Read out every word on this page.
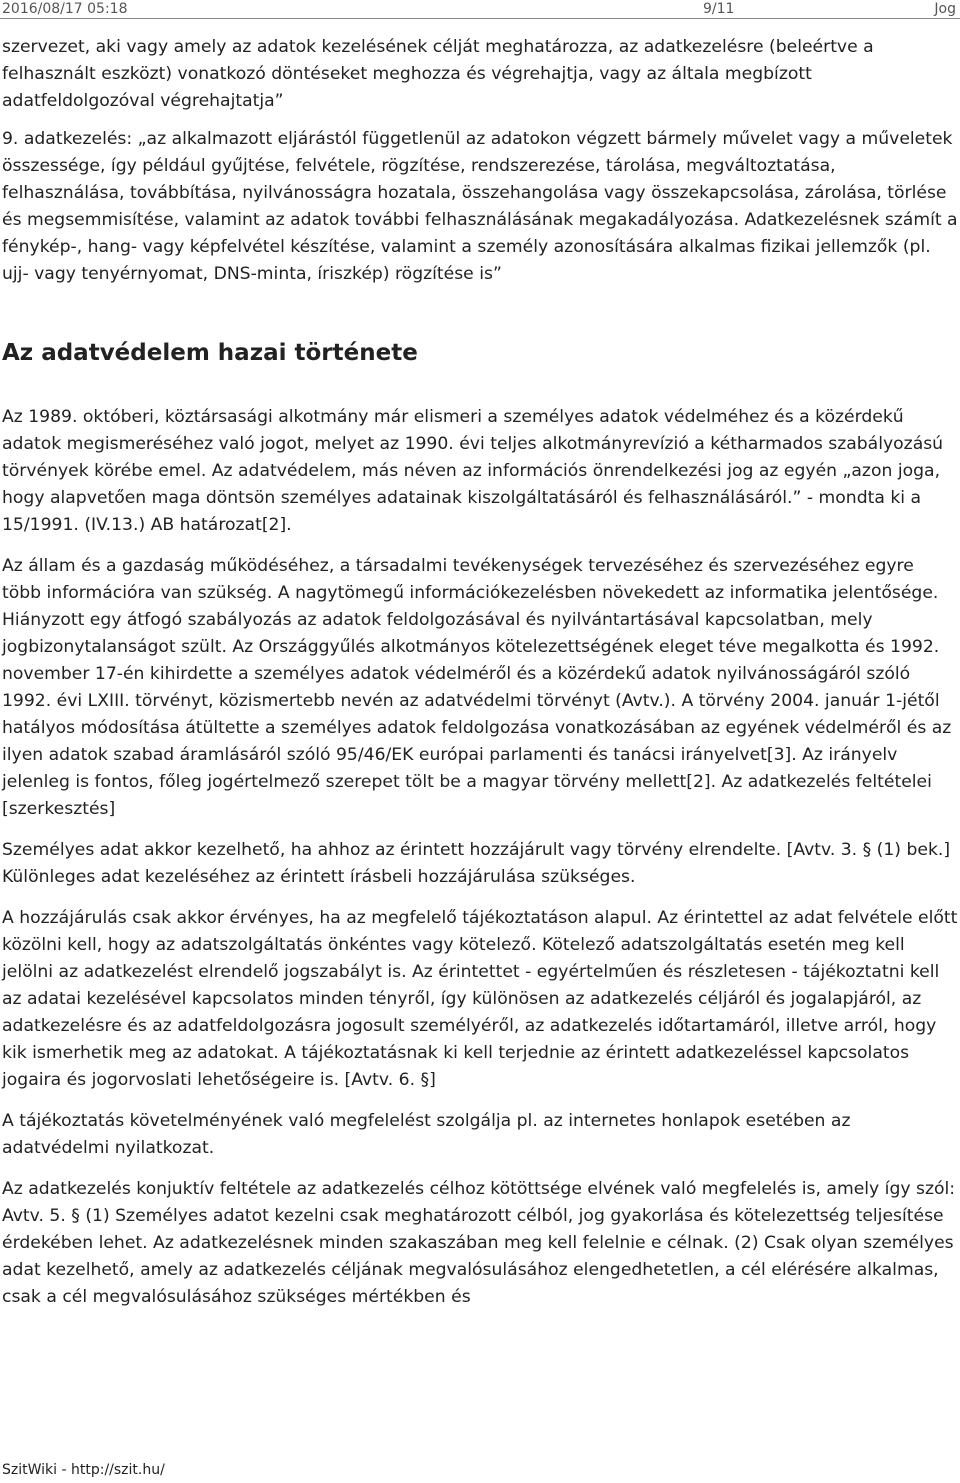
2016/08/17 05:18	9/11	Jog

szervezet, aki vagy amely az adatok kezelésének célját meghatározza, az adatkezelésre (beleértve a felhasznált eszközt) vonatkozó döntéseket meghozza és végrehajtja, vagy az általa megbízott adatfeldolgozóval végrehajtatja”

9. adatkezelés: „az alkalmazott eljárástól függetlenül az adatokon végzett bármely művelet vagy a műveletek összessége, így például gyűjtése, felvétele, rögzítése, rendszerezése, tárolása, megváltoztatása, felhasználása, továbbítása, nyilvánosságra hozatala, összehangolása vagy összekapcsolása, zárolása, törlése és megsemmisítése, valamint az adatok további felhasználásának megakadályozása. Adatkezelésnek számít a fénykép-, hang- vagy képfelvétel készítése, valamint a személy azonosítására alkalmas fizikai jellemzők (pl. ujj- vagy tenyérnyomat, DNS-minta, íriszkép) rögzítése is”

Az adatvédelem hazai története

Az 1989. októberi, köztársasági alkotmány már elismeri a személyes adatok védelméhez és a közérdekű adatok megismeréséhez való jogot, melyet az 1990. évi teljes alkotmányrevízió a kétharmados szabályozású törvények körébe emel. Az adatvédelem, más néven az információs önrendelkezési jog az egyén „azon joga, hogy alapvetően maga döntsön személyes adatainak kiszolgáltatásáról és felhasználásáról.” - mondta ki a 15/1991. (IV.13.) AB határozat[2].

Az állam és a gazdaság működéséhez, a társadalmi tevékenységek tervezéséhez és szervezéséhez egyre több információra van szükség. A nagytömegű információkezelésben növekedett az informatika jelentősége. Hiányzott egy átfogó szabályozás az adatok feldolgozásával és nyilvántartásával kapcsolatban, mely jogbizonytalanságot szült. Az Országgyűlés alkotmányos kötelezettségének eleget téve megalkotta és 1992. november 17-én kihirdette a személyes adatok védelméről és a közérdekű adatok nyilvánosságáról szóló 1992. évi LXIII. törvényt, közismertebb nevén az adatvédelmi törvényt (Avtv.). A törvény 2004. január 1-jétől hatályos módosítása átültette a személyes adatok feldolgozása vonatkozásában az egyének védelméről és az ilyen adatok szabad áramlásáról szóló 95/46/EK európai parlamenti és tanácsi irányelvet[3]. Az irányelv jelenleg is fontos, főleg jogértelmező szerepet tölt be a magyar törvény mellett[2]. Az adatkezelés feltételei [szerkesztés]

Személyes adat akkor kezelhető, ha ahhoz az érintett hozzájárult vagy törvény elrendelte. [Avtv. 3. § (1) bek.] Különleges adat kezeléséhez az érintett írásbeli hozzájárulása szükséges.

A hozzájárulás csak akkor érvényes, ha az megfelelő tájékoztatáson alapul. Az érintettel az adat felvétele előtt közölni kell, hogy az adatszolgáltatás önkéntes vagy kötelező. Kötelező adatszolgáltatás esetén meg kell jelölni az adatkezelést elrendelő jogszabályt is. Az érintettet - egyértelműen és részletesen - tájékoztatni kell az adatai kezelésével kapcsolatos minden tényről, így különösen az adatkezelés céljáról és jogalapjáról, az adatkezelésre és az adatfeldolgozásra jogosult személyéről, az adatkezelés időtartamáról, illetve arról, hogy kik ismerhetik meg az adatokat. A tájékoztatásnak ki kell terjednie az érintett adatkezeléssel kapcsolatos jogaira és jogorvoslati lehetőségeire is. [Avtv. 6. §]

A tájékoztatás követelményének való megfelelést szolgálja pl. az internetes honlapok esetében az adatvédelmi nyilatkozat.

Az adatkezelés konjuktív feltétele az adatkezelés célhoz kötöttsége elvének való megfelelés is, amely így szól: Avtv. 5. § (1) Személyes adatot kezelni csak meghatározott célból, jog gyakorlása és kötelezettség teljesítése érdekében lehet. Az adatkezelésnek minden szakaszában meg kell felelnie e célnak. (2) Csak olyan személyes adat kezelhető, amely az adatkezelés céljának megvalósulásához elengedhetetlen, a cél elérésére alkalmas, csak a cél megvalósulásához szükséges mértékben és

SzitWiki - http://szit.hu/
